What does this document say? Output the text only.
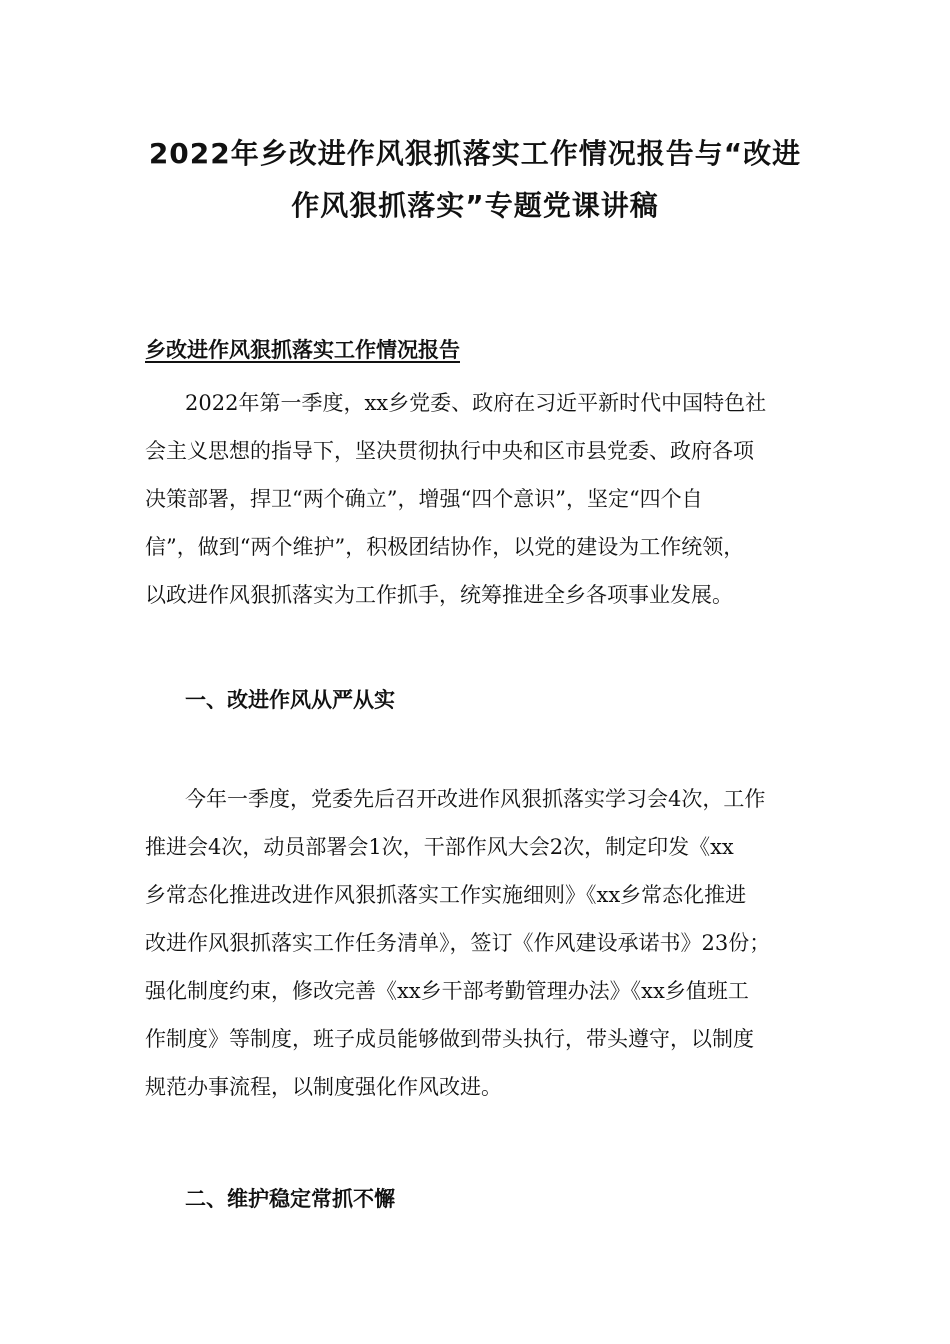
2022年乡改进作风狠抓落实工作情况报告与“改进
作风狠抓落实”专题党课讲稿
乡改进作风狠抓落实工作情况报告
2022年第一季度，xx乡党委、政府在习近平新时代中国特色社
会主义思想的指导下，坚决贯彻执行中央和区市县党委、政府各项
决策部署，捍卫“两个确立”，增强“四个意识”，坚定“四个自
信”，做到“两个维护”，积极团结协作，以党的建设为工作统领，
以政进作风狠抓落实为工作抓手，统筹推进全乡各项事业发展。
一、改进作风从严从实
今年一季度，党委先后召开改进作风狠抓落实学习会4次，工作
推进会4次，动员部署会1次，干部作风大会2次，制定印发《xx
乡常态化推进改进作风狠抓落实工作实施细则》《xx乡常态化推进
改进作风狠抓落实工作任务清单》，签订《作风建设承诺书》23份；
强化制度约束，修改完善《xx乡干部考勤管理办法》《xx乡值班工
作制度》等制度，班子成员能够做到带头执行，带头遵守，以制度
规范办事流程，以制度强化作风改进。
二、维护稳定常抓不懈
